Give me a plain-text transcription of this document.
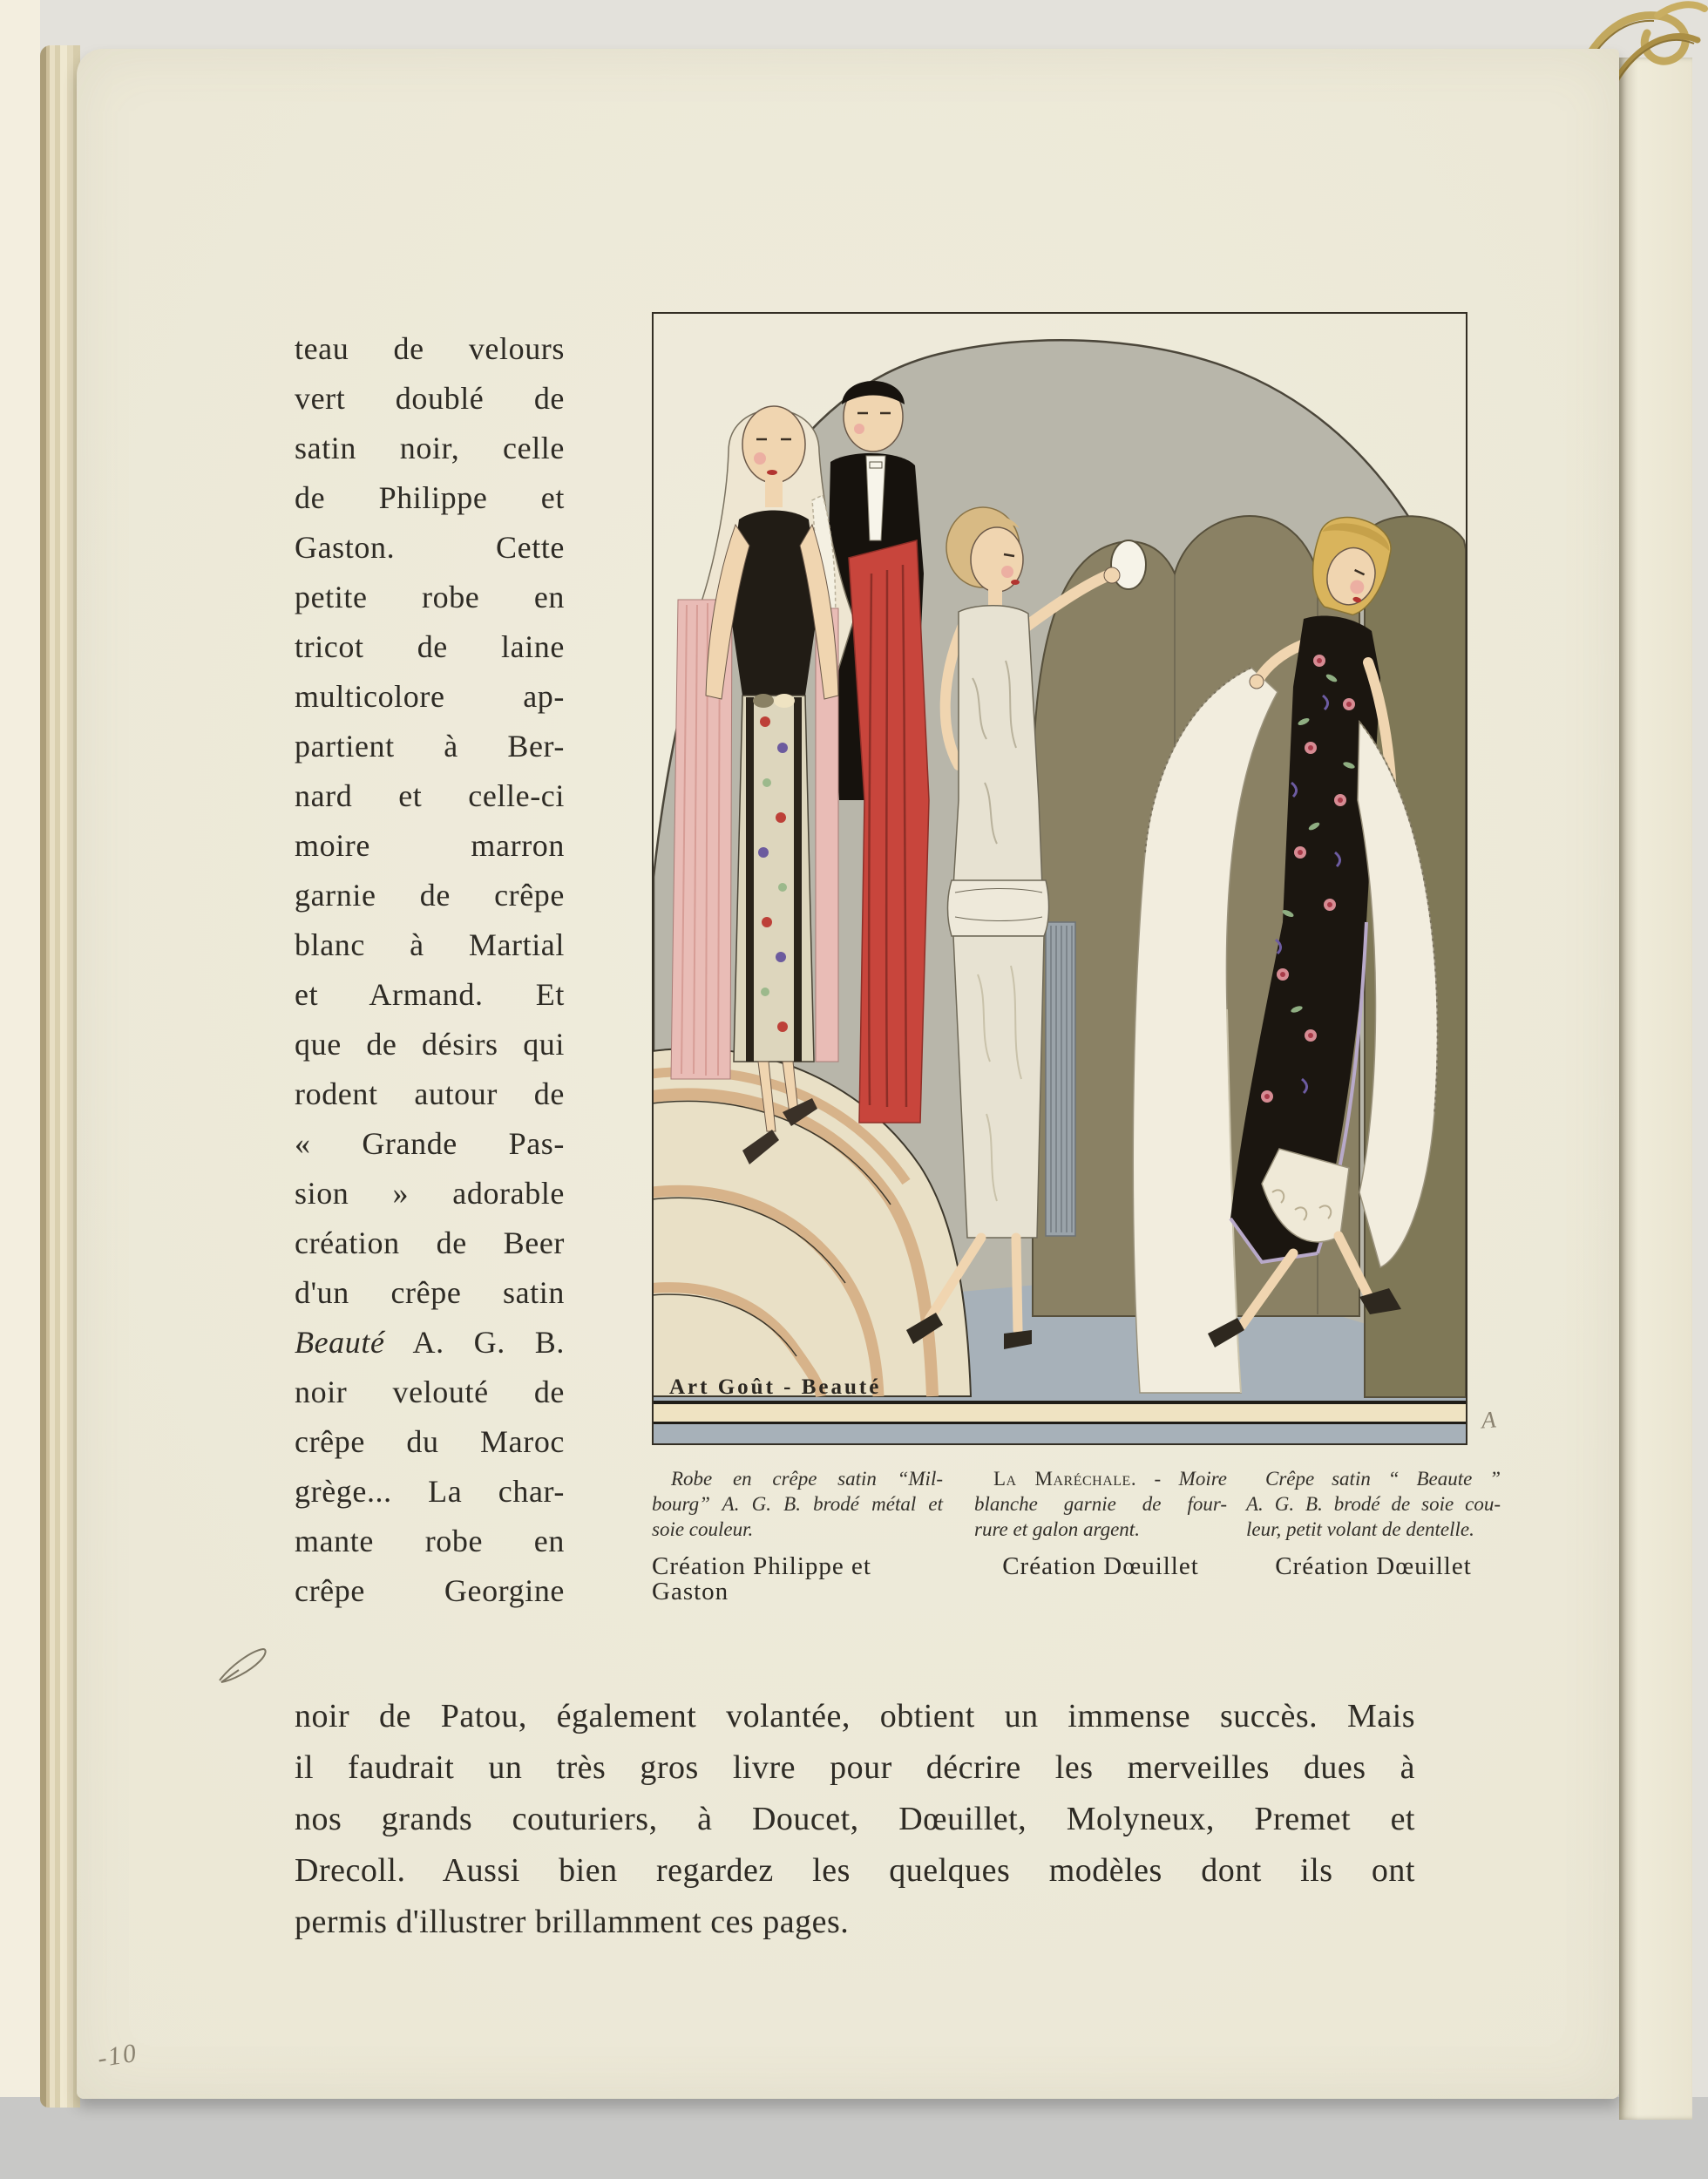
teau de velours
vert doublé de
satin noir, celle
de Philippe et
Gaston. Cette
petite robe en
tricot de laine
multicolore ap-
partient à Ber-
nard et celle-ci
moire marron
garnie de crêpe
blanc à Martial
et Armand. Et
que de désirs qui
rodent autour de
« Grande Pas-
sion » adorable
création de Beer
d'un crêpe satin
Beauté A. G. B.
noir velouté de
crêpe du Maroc
grège... La char-
mante robe en
crêpe Georgine
Art Goût - Beauté
A
Robe en crêpe satin “Mil-
bourg” A. G. B. brodé métal et
soie couleur.
Création Philippe et Gaston
La Maréchale. - Moire
blanche garnie de four-
rure et galon argent.
Création Dœuillet
Crêpe satin “ Beaute ”
A. G. B. brodé de soie cou-
leur, petit volant de dentelle.
Création Dœuillet
noir de Patou, également volantée, obtient un immense succès. Mais
il faudrait un très gros livre pour décrire les merveilles dues à
nos grands couturiers, à Doucet, Dœuillet, Molyneux, Premet et
Drecoll. Aussi bien regardez les quelques modèles dont ils ont
permis d'illustrer brillamment ces pages.
-10
